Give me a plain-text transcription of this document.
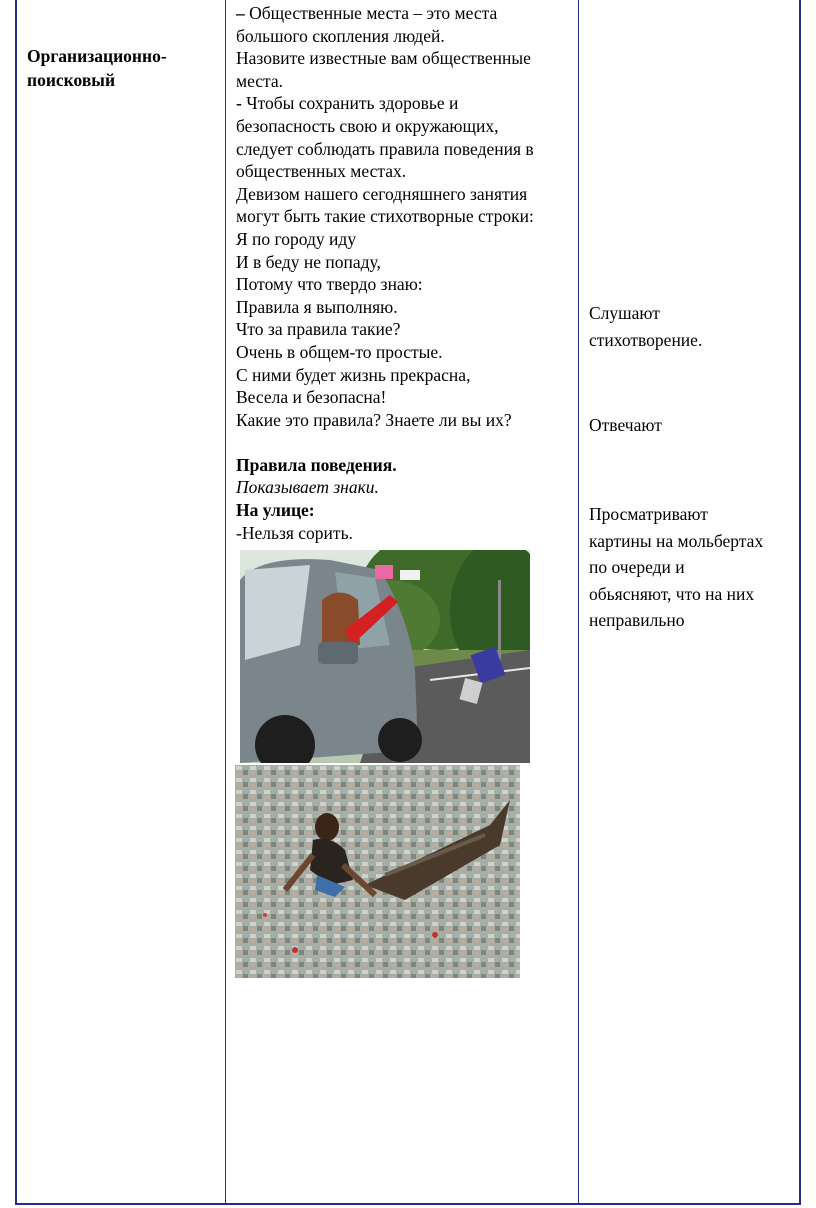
Организационно-
поисковый
– Общественные места – это места
большого скопления людей.
Назовите известные вам общественные
места.
- Чтобы сохранить здоровье и
безопасность свою и окружающих,
следует соблюдать правила поведения в
общественных местах.
Девизом нашего сегодняшнего занятия
могут быть такие стихотворные строки:
Я по городу иду
И в беду не попаду,
Потому что твердо знаю:
Правила я выполняю.
Что за правила такие?
Очень в общем-то простые.
С ними будет жизнь прекрасна,
Весела и безопасна!
Какие это правила? Знаете ли вы их?

Правила поведения.
Показывает знаки.
На улице:
-Нельзя сорить.
Слушают
стихотворение.
Отвечают
Просматривают
картины на мольбертах
по очереди и
обьясняют, что на них
неправильно
